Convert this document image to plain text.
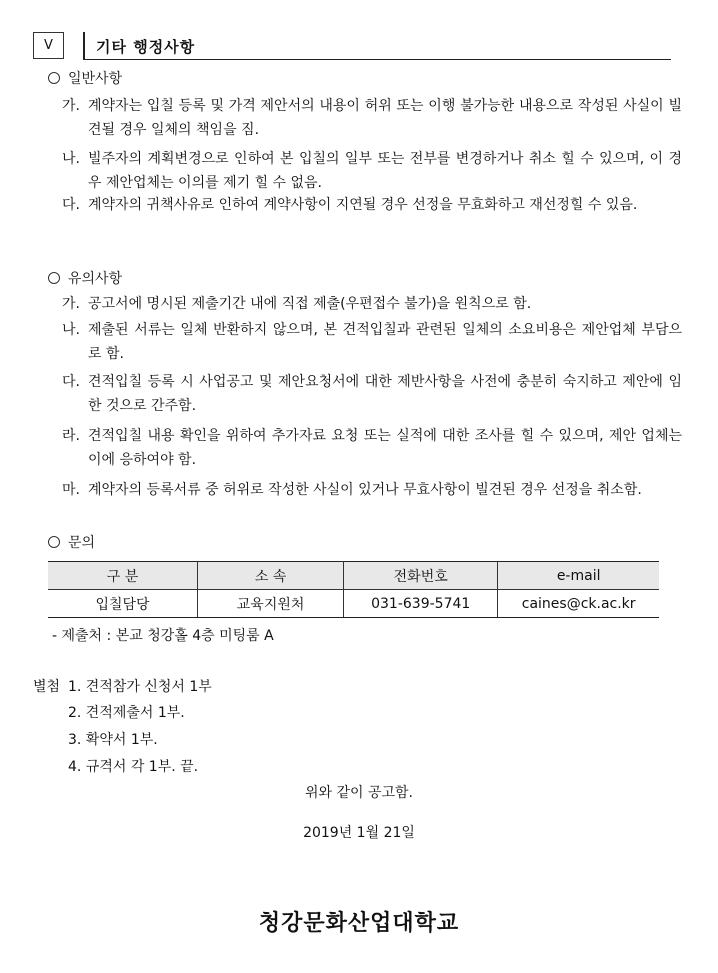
Ⅴ	기타 행정사항
일반사항
가. 계약자는 입칠 등록 및 가격 제안서의 내용이 허위 또는 이행 불가능한 내용으로 작성된 사실이 빌견될 경우 일체의 책임을 짐.
나. 빌주자의 계획변경으로 인하여 본 입칠의 일부 또는 전부를 변경하거나 취소 힐 수 있으며, 이 경우 제안업체는 이의를 제기 힐 수 없음.
다. 계약자의 귀책사유로 인하여 계약사항이 지연될 경우 선정을 무효화하고 재선정힐 수 있음.
유의사항
가. 공고서에 명시된 제출기간 내에 직접 제출(우편접수 불가)을 원칙으로 함.
나. 제출된 서류는 일체 반환하지 않으며, 본 견적입칠과 관련된 일체의 소요비용은 제안업체 부담으로 함.
다. 견적입칠 등록 시 사업공고 및 제안요청서에 대한 제반사항을 사전에 충분히 숙지하고 제안에 임한 것으로 간주함.
라. 견적입칠 내용 확인을 위하여 추가자료 요청 또는 실적에 대한 조사를 힐 수 있으며, 제안 업체는 이에 응하여야 함.
마. 계약자의 등록서류 중 허위로 작성한 사실이 있거나 무효사항이 빌견된 경우 선정을 취소함.
문의
구 분	소 속	전화번호	e-mail
입칠담당	교육지원처	031-639-5741	caines@ck.ac.kr
- 제출처 : 본교 청강홀 4층 미팅룸 A
별첨 1. 견적참가 신청서 1부
2. 견적제출서 1부.
3. 확약서 1부.
4. 규격서 각 1부. 끝.
위와 같이 공고함.
2019년 1월 21일
청강문화산업대학교
